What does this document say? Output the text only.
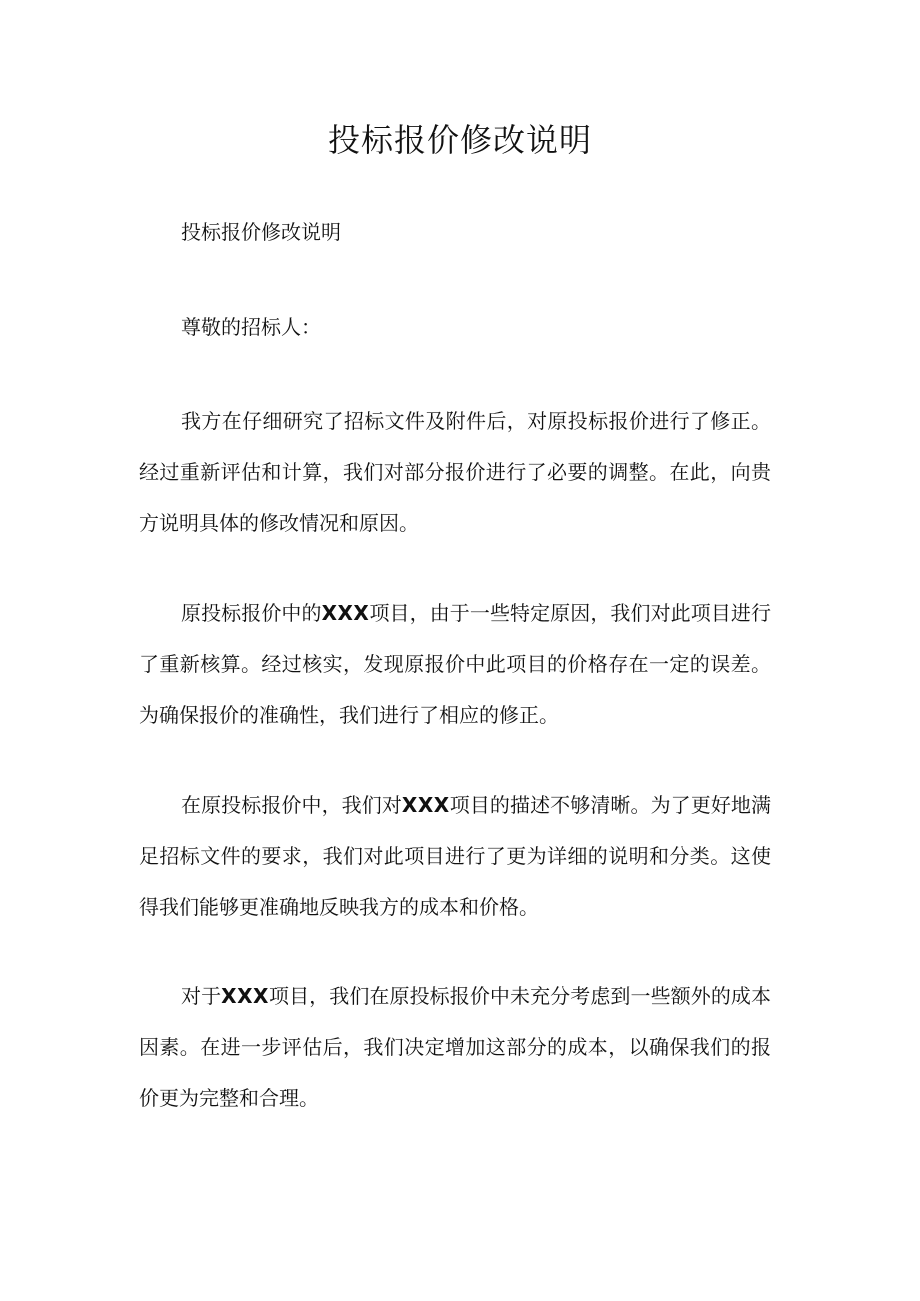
投标报价修改说明

投标报价修改说明

尊敬的招标人：

我方在仔细研究了招标文件及附件后，对原投标报价进行了修正。经过重新评估和计算，我们对部分报价进行了必要的调整。在此，向贵方说明具体的修改情况和原因。

原投标报价中的XXX项目，由于一些特定原因，我们对此项目进行了重新核算。经过核实，发现原报价中此项目的价格存在一定的误差。为确保报价的准确性，我们进行了相应的修正。

在原投标报价中，我们对XXX项目的描述不够清晰。为了更好地满足招标文件的要求，我们对此项目进行了更为详细的说明和分类。这使得我们能够更准确地反映我方的成本和价格。

对于XXX项目，我们在原投标报价中未充分考虑到一些额外的成本因素。在进一步评估后，我们决定增加这部分的成本，以确保我们的报价更为完整和合理。
